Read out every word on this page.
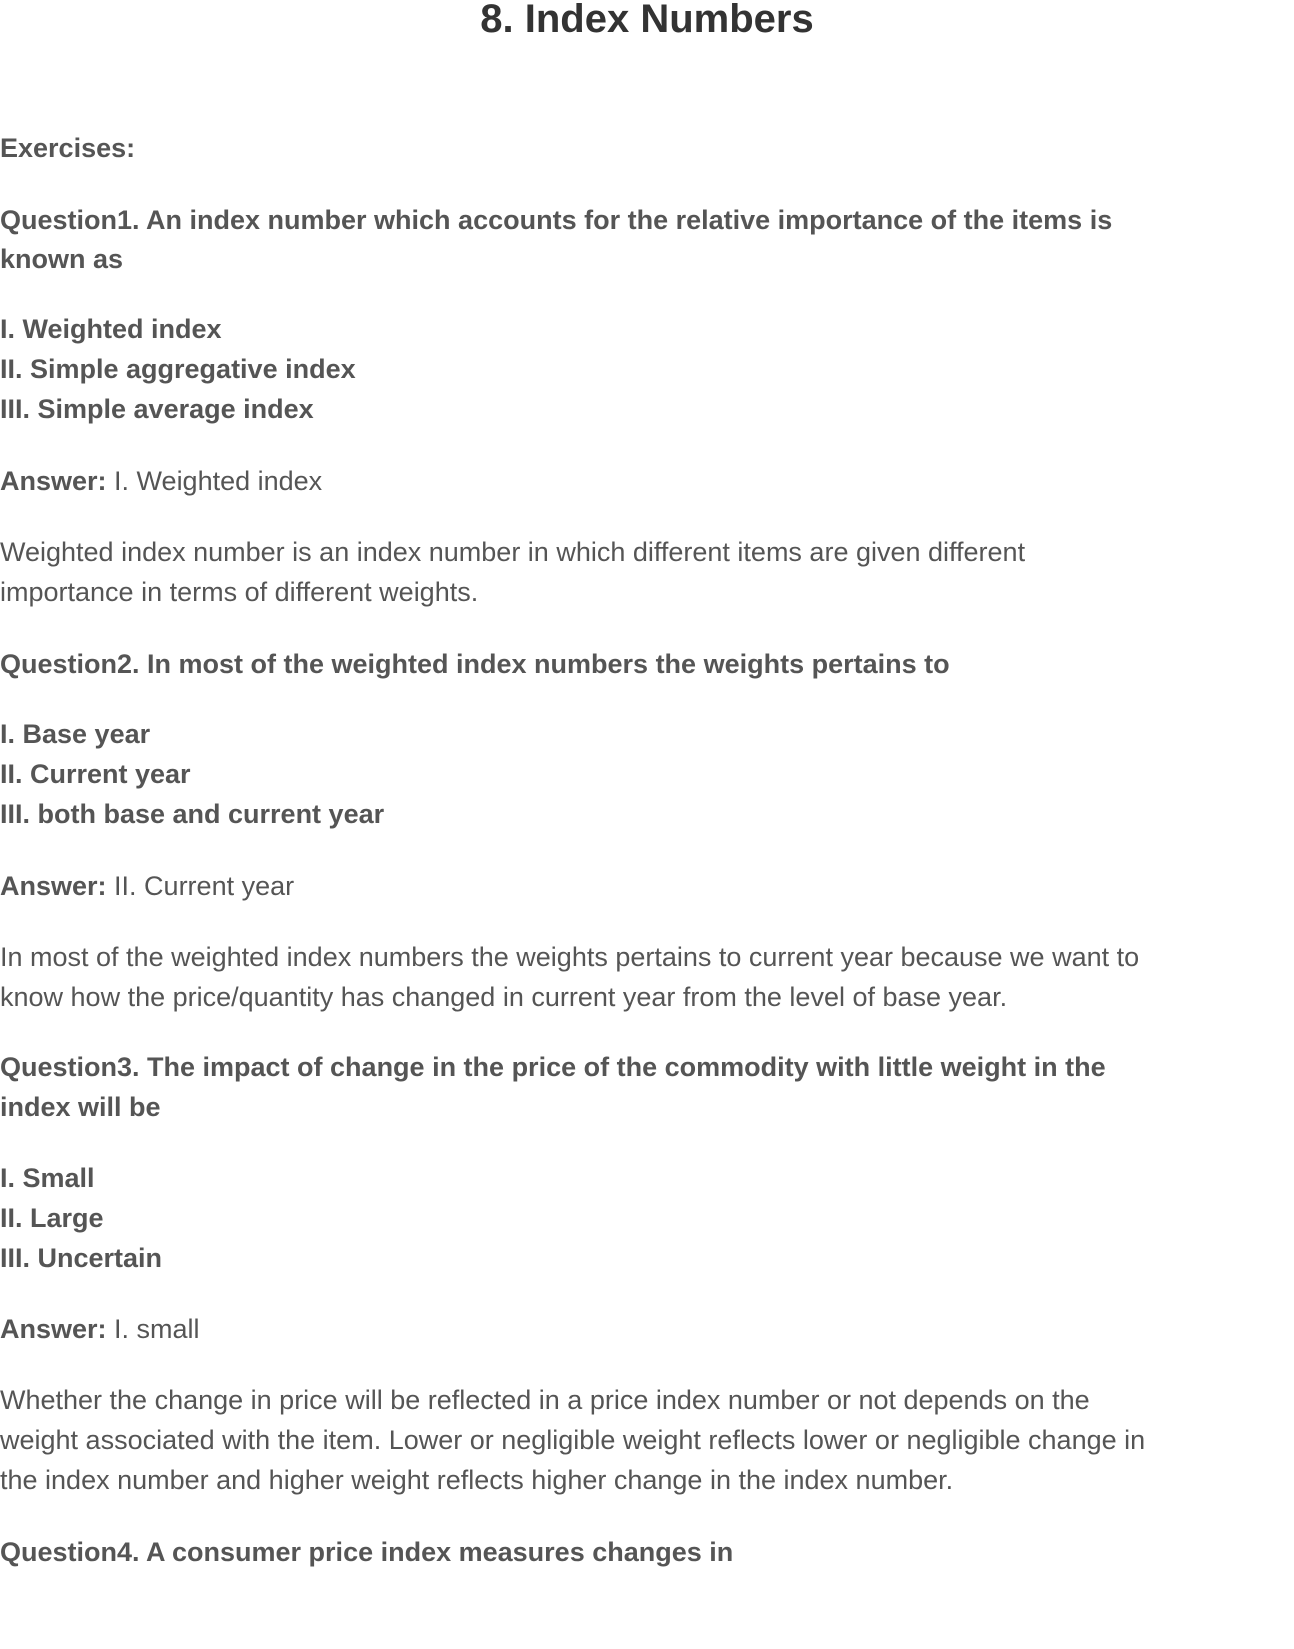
8. Index Numbers

Exercises:

Question1. An index number which accounts for the relative importance of the items is
known as

I. Weighted index
II. Simple aggregative index
III. Simple average index

Answer: I. Weighted index

Weighted index number is an index number in which different items are given different
importance in terms of different weights.

Question2. In most of the weighted index numbers the weights pertains to

I. Base year
II. Current year
III. both base and current year

Answer: II. Current year

In most of the weighted index numbers the weights pertains to current year because we want to
know how the price/quantity has changed in current year from the level of base year.

Question3. The impact of change in the price of the commodity with little weight in the
index will be

I. Small
II. Large
III. Uncertain

Answer: I. small

Whether the change in price will be reflected in a price index number or not depends on the
weight associated with the item. Lower or negligible weight reflects lower or negligible change in
the index number and higher weight reflects higher change in the index number.

Question4. A consumer price index measures changes in
